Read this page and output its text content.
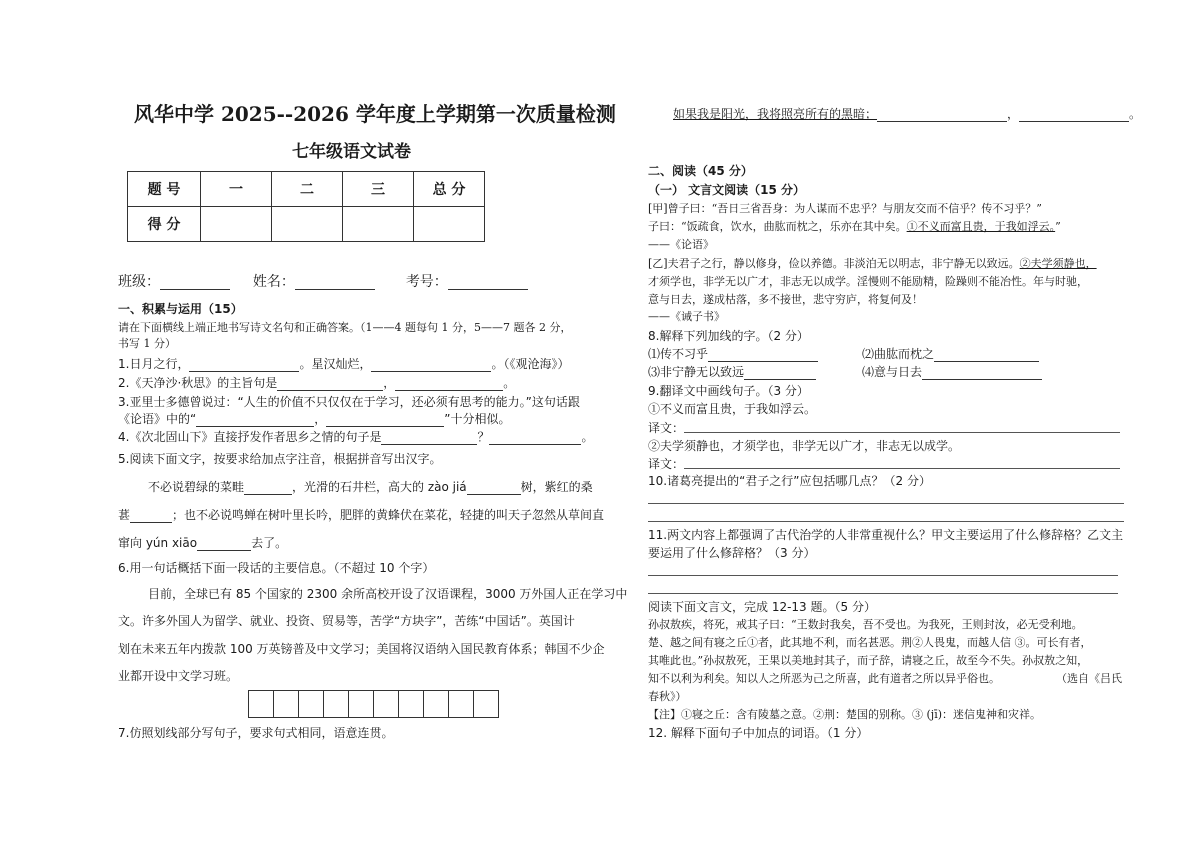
风华中学 2025--2026 学年度上学期第一次质量检测
七年级语文试卷
题 号	一	二	三	总 分
得 分				
班级：	姓名：	考号：
一、积累与运用（15）
请在下面横线上端正地书写诗文名句和正确答案。（1——4 题每句 1 分，5——7 题各 2 分，
书写 1 分）
1.日月之行，	。星汉灿烂，	。（《观沧海》）
2.《天净沙·秋思》的主旨句是	，	。
3.亚里士多德曾说过：“人生的价值不只仅仅在于学习，还必须有思考的能力。”这句话跟
《论语》中的“	，	”十分相似。
4.《次北固山下》直接抒发作者思乡之情的句子是	？	。
5.阅读下面文字，按要求给加点字注音，根据拼音写出汉字。
不必说碧绿的菜畦	，光滑的石井栏，高大的 zào jiá	树，紫红的桑
葚	；也不必说鸣蝉在树叶里长吟，肥胖的黄蜂伏在菜花，轻捷的叫天子忽然从草间直
窜向 yún xiāo	去了。
6.用一句话概括下面一段话的主要信息。（不超过 10 个字）
目前，全球已有 85 个国家的 2300 余所高校开设了汉语课程，3000 万外国人正在学习中
文。许多外国人为留学、就业、投资、贸易等，苦学“方块字”，苦练“中国话”。英国计
划在未来五年内拨款 100 万英镑普及中文学习；美国将汉语纳入国民教育体系；韩国不少企
业都开设中文学习班。
7.仿照划线部分写句子，要求句式相同，语意连贯。
如果我是阳光，我将照亮所有的黑暗；	，	。
二、阅读（45 分）
（一） 文言文阅读（15 分）
[甲]曾子曰：“吾日三省吾身：为人谋而不忠乎？与朋友交而不信乎？传不习乎？”
子曰：“饭疏食，饮水，曲肱而枕之，乐亦在其中矣。①不义而富且贵，于我如浮云。”
——《论语》
[乙]夫君子之行，静以修身，俭以养德。非淡泊无以明志，非宁静无以致远。②夫学须静也，
才须学也，非学无以广才，非志无以成学。淫慢则不能励精，险躁则不能冶性。年与时驰，
意与日去，遂成枯落，多不接世，悲守穷庐，将复何及！
——《诫子书》
8.解释下列加线的字。（2 分）
⑴传不习乎	⑵曲肱而枕之
⑶非宁静无以致远	⑷意与日去
9.翻译文中画线句子。（3 分）
①不义而富且贵，于我如浮云。
译文：
②夫学须静也，才须学也，非学无以广才，非志无以成学。
译文：
10.诸葛亮提出的“君子之行”应包括哪几点？（2 分）
11.两文内容上都强调了古代治学的人非常重视什么？甲文主要运用了什么修辞格？乙文主
要运用了什么修辞格？（3 分）
阅读下面文言文，完成 12-13 题。（5 分）
孙叔敖疾，将死，戒其子曰：“王数封我矣，吾不受也。为我死，王则封汝，必无受利地。
楚、越之间有寝之丘①者，此其地不利，而名甚恶。荆②人畏鬼，而越人信 ③。可长有者，
其唯此也。”孙叔敖死，王果以美地封其子，而子辞，请寝之丘，故至今不失。孙叔敖之知，
知不以利为利矣。知以人之所恶为己之所喜，此有道者之所以异乎俗也。	（选自《吕氏
春秋》）
【注】①寝之丘：含有陵墓之意。②荆：楚国的别称。③ (jī)：迷信鬼神和灾祥。
12. 解释下面句子中加点的词语。（1 分）
